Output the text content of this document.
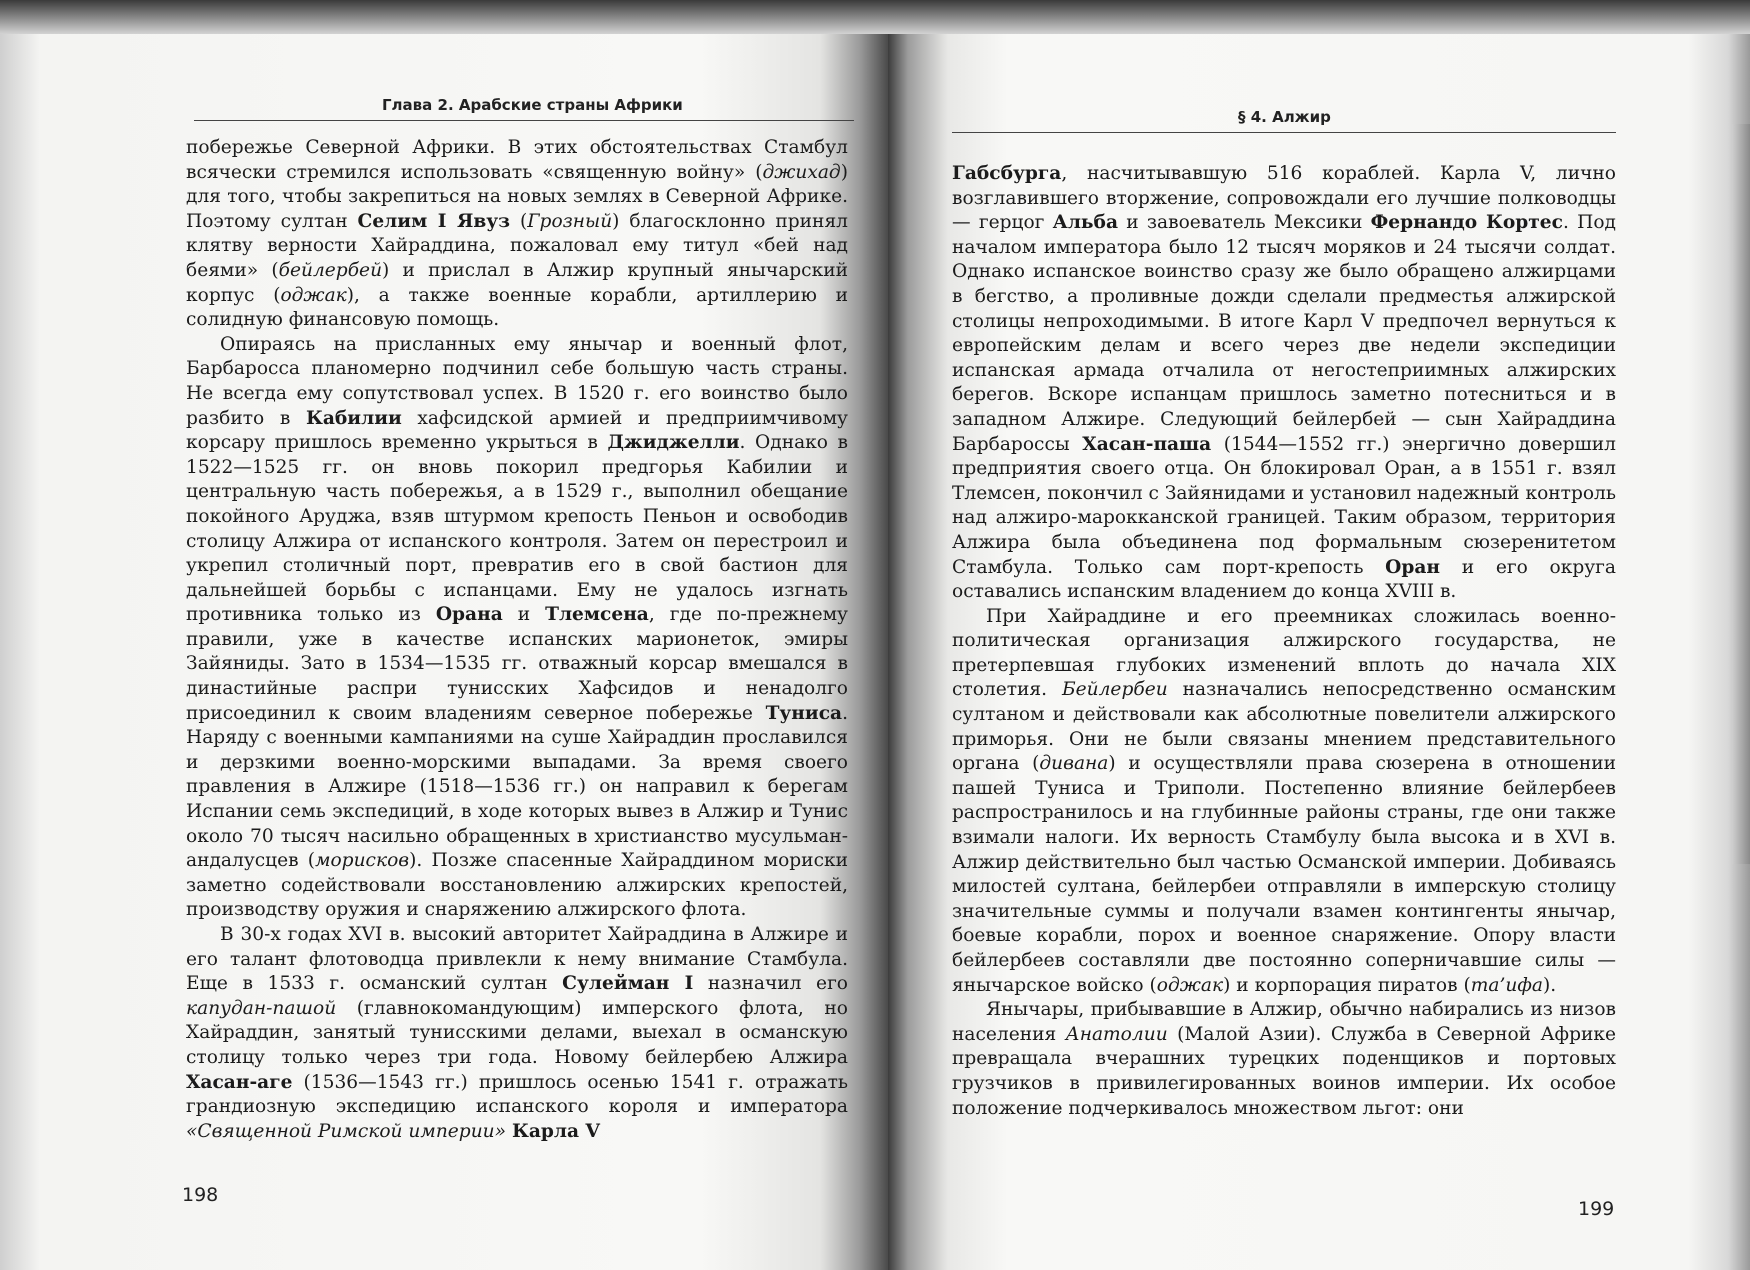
Глава 2. Арабские страны Африки

побережье Северной Африки. В этих обстоятельствах Стамбул всячески стремился использовать «священную войну» (джихад) для того, чтобы закрепиться на новых землях в Северной Африке. Поэтому султан Селим I Явуз (Грозный) благосклонно принял клятву верности Хайраддина, пожаловал ему титул «бей над беями» (бейлербей) и прислал в Алжир крупный янычарский корпус (оджак), а также военные корабли, артиллерию и солидную финансовую помощь.

Опираясь на присланных ему янычар и военный флот, Барбаросса планомерно подчинил себе большую часть страны. Не всегда ему сопутствовал успех. В 1520 г. его воинство было разбито в Кабилии хафсидской армией и предприимчивому корсару пришлось временно укрыться в Джиджелли. Однако в 1522—1525 гг. он вновь покорил предгорья Кабилии и центральную часть побережья, а в 1529 г., выполнил обещание покойного Аруджа, взяв штурмом крепость Пеньон и освободив столицу Алжира от испанского контроля. Затем он перестроил и укрепил столичный порт, превратив его в свой бастион для дальнейшей борьбы с испанцами. Ему не удалось изгнать противника только из Орана и Тлемсена, где по-прежнему правили, уже в качестве испанских марионеток, эмиры Зайяниды. Зато в 1534—1535 гг. отважный корсар вмешался в династийные распри тунисских Хафсидов и ненадолго присоединил к своим владениям северное побережье Туниса. Наряду с военными кампаниями на суше Хайраддин прославился и дерзкими военно-морскими выпадами. За время своего правления в Алжире (1518—1536 гг.) он направил к берегам Испании семь экспедиций, в ходе которых вывез в Алжир и Тунис около 70 тысяч насильно обращенных в христианство мусульман-андалусцев (морисков). Позже спасенные Хайраддином мориски заметно содействовали восстановлению алжирских крепостей, производству оружия и снаряжению алжирского флота.

В 30-х годах XVI в. высокий авторитет Хайраддина в Алжире и его талант флотоводца привлекли к нему внимание Стамбула. Еще в 1533 г. османский султан Сулейман I назначил его капудан-пашой (главнокомандующим) имперского флота, но Хайраддин, занятый тунисскими делами, выехал в османскую столицу только через три года. Новому бейлербею Алжира Хасан-аге (1536—1543 гг.) пришлось осенью 1541 г. отражать грандиозную экспедицию испанского короля и императора «Священной Римской империи» Карла V

198
§ 4. Алжир

Габсбурга, насчитывавшую 516 кораблей. Карла V, лично возглавившего вторжение, сопровождали его лучшие полководцы — герцог Альба и завоеватель Мексики Фернандо Кортес. Под началом императора было 12 тысяч моряков и 24 тысячи солдат. Однако испанское воинство сразу же было обращено алжирцами в бегство, а проливные дожди сделали предместья алжирской столицы непроходимыми. В итоге Карл V предпочел вернуться к европейским делам и всего через две недели экспедиции испанская армада отчалила от негостеприимных алжирских берегов. Вскоре испанцам пришлось заметно потесниться и в западном Алжире. Следующий бейлербей — сын Хайраддина Барбароссы Хасан-паша (1544—1552 гг.) энергично довершил предприятия своего отца. Он блокировал Оран, а в 1551 г. взял Тлемсен, покончил с Зайянидами и установил надежный контроль над алжиро-марокканской границей. Таким образом, территория Алжира была объединена под формальным сюзеренитетом Стамбула. Только сам порт-крепость Оран и его округа оставались испанским владением до конца XVIII в.

При Хайраддине и его преемниках сложилась военно-политическая организация алжирского государства, не претерпевшая глубоких изменений вплоть до начала XIX столетия. Бейлербеи назначались непосредственно османским султаном и действовали как абсолютные повелители алжирского приморья. Они не были связаны мнением представительного органа (дивана) и осуществляли права сюзерена в отношении пашей Туниса и Триполи. Постепенно влияние бейлербеев распространилось и на глубинные районы страны, где они также взимали налоги. Их верность Стамбулу была высока и в XVI в. Алжир действительно был частью Османской империи. Добиваясь милостей султана, бейлербеи отправляли в имперскую столицу значительные суммы и получали взамен контингенты янычар, боевые корабли, порох и военное снаряжение. Опору власти бейлербеев составляли две постоянно соперничавшие силы — янычарское войско (оджак) и корпорация пиратов (та’ифа).

Янычары, прибывавшие в Алжир, обычно набирались из низов населения Анатолии (Малой Азии). Служба в Северной Африке превращала вчерашних турецких поденщиков и портовых грузчиков в привилегированных воинов империи. Их особое положение подчеркивалось множеством льгот: они

199
